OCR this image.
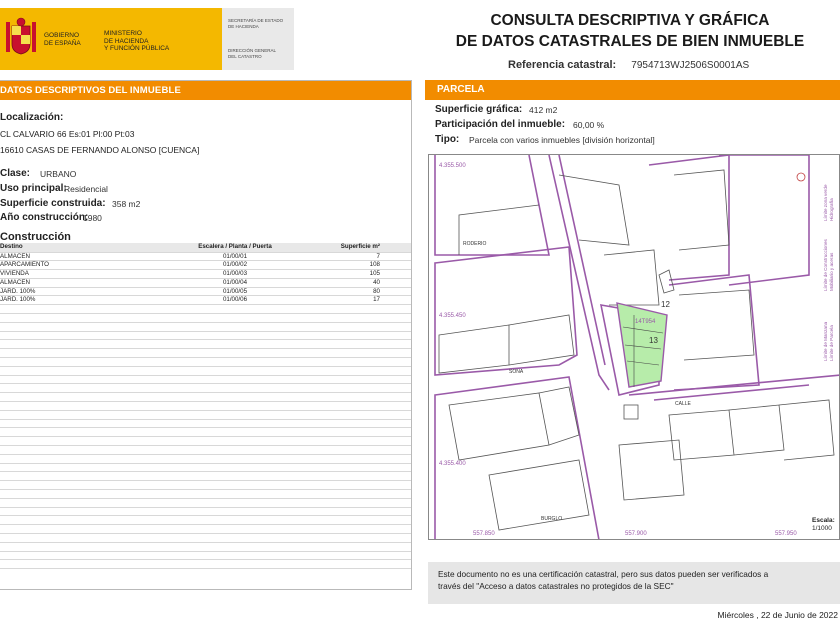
GOBIERNO
DE ESPAÑA
MINISTERIO
DE HACIENDA
Y FUNCIÓN PÚBLICA
SECRETARÍA DE ESTADO
DE HACIENDA
DIRECCIÓN GENERAL
DEL CATASTRO
CONSULTA DESCRIPTIVA Y GRÁFICA
DE DATOS CATASTRALES DE BIEN INMUEBLE
Referencia catastral: 7954713WJ2506S0001AS
DATOS DESCRIPTIVOS DEL INMUEBLE
Localización:
CL CALVARIO 66 Es:01 Pl:00 Pt:03
16610 CASAS DE FERNANDO ALONSO [CUENCA]
Clase: URBANO
Uso principal:
Residencial
Superficie construida: 358 m2
Año construcción:
1980
Construcción
Destino	Escalera / Planta / Puerta	Superficie m²
ALMACEN	01/00/01	7
APARCAMIENTO	01/00/02	108
VIVIENDA	01/00/03	105
ALMACEN	01/00/04	40
JARD. 100%	01/00/05	80
JARD. 100%	01/00/06	17
PARCELA
Superficie gráfica: 412 m2
Participación del inmueble: 60,00 %
Tipo: Parcela con varios inmuebles [división horizontal]
4.355.500
4.355.450
4.355.400
557.850	557.900	557.950
RODERIO
SONA
CALLE
BURGLO
12
13
14T954	Límite de Manzana Límite de Parcela
Límite de Construcciones Mobiliario y aceras
Límite zona verde Hidrografía
Escala:
1/1000
Este documento no es una certificación catastral, pero sus datos pueden ser verificados a
través del "Acceso a datos catastrales no protegidos de la SEC"
Miércoles , 22 de Junio de 2022
